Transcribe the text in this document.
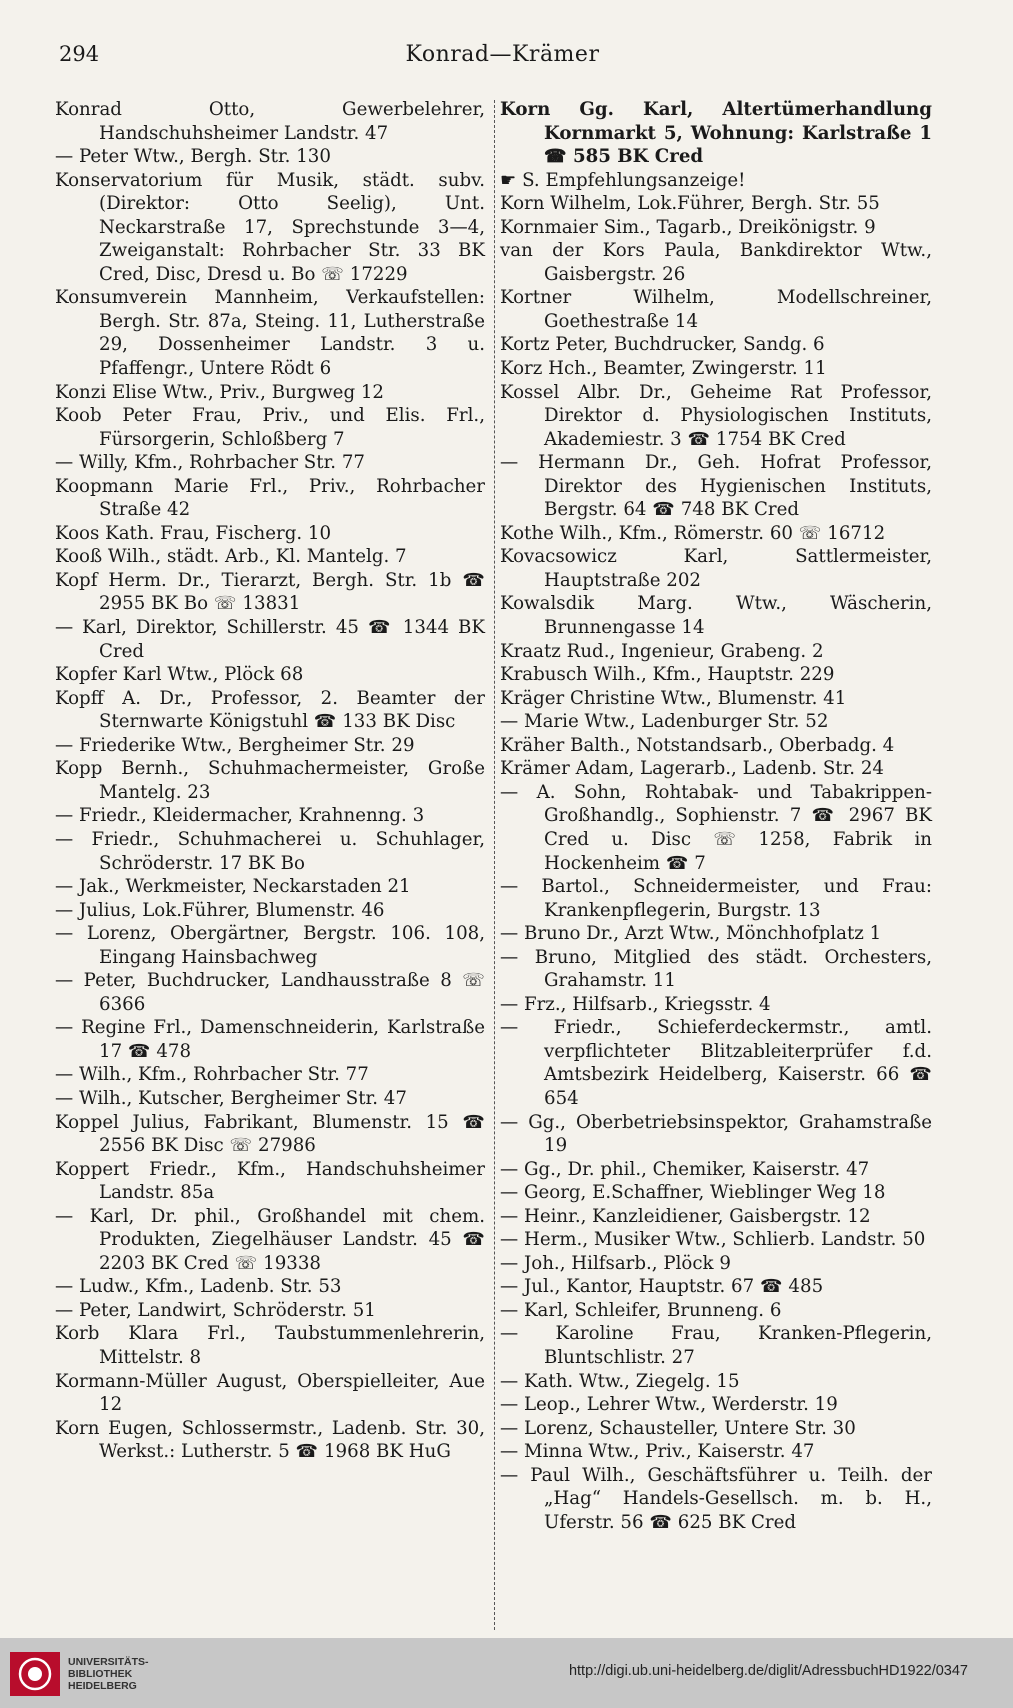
294	Konrad—Krämer

Konrad Otto, Gewerbelehrer, Handschuhsheimer Landstr. 47

— Peter Wtw., Bergh. Str. 130

Konservatorium für Musik, städt. subv. (Direktor: Otto Seelig), Unt. Neckarstraße 17, Sprechstunde 3—4, Zweiganstalt: Rohrbacher Str. 33 BK Cred, Disc, Dresd u. Bo ☏ 17229

Konsumverein Mannheim, Verkaufstellen: Bergh. Str. 87a, Steing. 11, Lutherstraße 29, Dossenheimer Landstr. 3 u. Pfaffengr., Untere Rödt 6

Konzi Elise Wtw., Priv., Burgweg 12

Koob Peter Frau, Priv., und Elis. Frl., Fürsorgerin, Schloßberg 7

— Willy, Kfm., Rohrbacher Str. 77

Koopmann Marie Frl., Priv., Rohrbacher Straße 42

Koos Kath. Frau, Fischerg. 10

Kooß Wilh., städt. Arb., Kl. Mantelg. 7

Kopf Herm. Dr., Tierarzt, Bergh. Str. 1b ☎ 2955 BK Bo ☏ 13831

— Karl, Direktor, Schillerstr. 45 ☎ 1344 BK Cred

Kopfer Karl Wtw., Plöck 68

Kopff A. Dr., Professor, 2. Beamter der Sternwarte Königstuhl ☎ 133 BK Disc

— Friederike Wtw., Bergheimer Str. 29

Kopp Bernh., Schuhmachermeister, Große Mantelg. 23

— Friedr., Kleidermacher, Krahnenng. 3

— Friedr., Schuhmacherei u. Schuhlager, Schröderstr. 17 BK Bo

— Jak., Werkmeister, Neckarstaden 21

— Julius, Lok.Führer, Blumenstr. 46

— Lorenz, Obergärtner, Bergstr. 106. 108, Eingang Hainsbachweg

— Peter, Buchdrucker, Landhausstraße 8 ☏ 6366

— Regine Frl., Damenschneiderin, Karlstraße 17 ☎ 478

— Wilh., Kfm., Rohrbacher Str. 77

— Wilh., Kutscher, Bergheimer Str. 47

Koppel Julius, Fabrikant, Blumenstr. 15 ☎ 2556 BK Disc ☏ 27986

Koppert Friedr., Kfm., Handschuhsheimer Landstr. 85a

— Karl, Dr. phil., Großhandel mit chem. Produkten, Ziegelhäuser Landstr. 45 ☎ 2203 BK Cred ☏ 19338

— Ludw., Kfm., Ladenb. Str. 53

— Peter, Landwirt, Schröderstr. 51

Korb Klara Frl., Taubstummenlehrerin, Mittelstr. 8

Kormann-Müller August, Oberspielleiter, Aue 12

Korn Eugen, Schlossermstr., Ladenb. Str. 30, Werkst.: Lutherstr. 5 ☎ 1968 BK HuG

Korn Gg. Karl, Altertümerhandlung Kornmarkt 5, Wohnung: Karlstraße 1 ☎ 585 BK Cred

☛ S. Empfehlungsanzeige!

Korn Wilhelm, Lok.Führer, Bergh. Str. 55

Kornmaier Sim., Tagarb., Dreikönigstr. 9

van der Kors Paula, Bankdirektor Wtw., Gaisbergstr. 26

Kortner Wilhelm, Modellschreiner, Goethestraße 14

Kortz Peter, Buchdrucker, Sandg. 6

Korz Hch., Beamter, Zwingerstr. 11

Kossel Albr. Dr., Geheime Rat Professor, Direktor d. Physiologischen Instituts, Akademiestr. 3 ☎ 1754 BK Cred

— Hermann Dr., Geh. Hofrat Professor, Direktor des Hygienischen Instituts, Bergstr. 64 ☎ 748 BK Cred

Kothe Wilh., Kfm., Römerstr. 60 ☏ 16712

Kovacsowicz Karl, Sattlermeister, Hauptstraße 202

Kowalsdik Marg. Wtw., Wäscherin, Brunnengasse 14

Kraatz Rud., Ingenieur, Grabeng. 2

Krabusch Wilh., Kfm., Hauptstr. 229

Kräger Christine Wtw., Blumenstr. 41

— Marie Wtw., Ladenburger Str. 52

Kräher Balth., Notstandsarb., Oberbadg. 4

Krämer Adam, Lagerarb., Ladenb. Str. 24

— A. Sohn, Rohtabak- und Tabakrippen-Großhandlg., Sophienstr. 7 ☎ 2967 BK Cred u. Disc ☏ 1258, Fabrik in Hockenheim ☎ 7

— Bartol., Schneidermeister, und Frau: Krankenpflegerin, Burgstr. 13

— Bruno Dr., Arzt Wtw., Mönchhofplatz 1

— Bruno, Mitglied des städt. Orchesters, Grahamstr. 11

— Frz., Hilfsarb., Kriegsstr. 4

— Friedr., Schieferdeckermstr., amtl. verpflichteter Blitzableiterprüfer f.d. Amtsbezirk Heidelberg, Kaiserstr. 66 ☎ 654

— Gg., Oberbetriebsinspektor, Grahamstraße 19

— Gg., Dr. phil., Chemiker, Kaiserstr. 47

— Georg, E.Schaffner, Wieblinger Weg 18

— Heinr., Kanzleidiener, Gaisbergstr. 12

— Herm., Musiker Wtw., Schlierb. Landstr. 50

— Joh., Hilfsarb., Plöck 9

— Jul., Kantor, Hauptstr. 67 ☎ 485

— Karl, Schleifer, Brunneng. 6

— Karoline Frau, Kranken-Pflegerin, Bluntschlistr. 27

— Kath. Wtw., Ziegelg. 15

— Leop., Lehrer Wtw., Werderstr. 19

— Lorenz, Schausteller, Untere Str. 30

— Minna Wtw., Priv., Kaiserstr. 47

— Paul Wilh., Geschäftsführer u. Teilh. der „Hag“ Handels-Gesellsch. m. b. H., Uferstr. 56 ☎ 625 BK Cred

UNIVERSITÄTS-
BIBLIOTHEK
HEIDELBERG
http://digi.ub.uni-heidelberg.de/diglit/AdressbuchHD1922/0347
